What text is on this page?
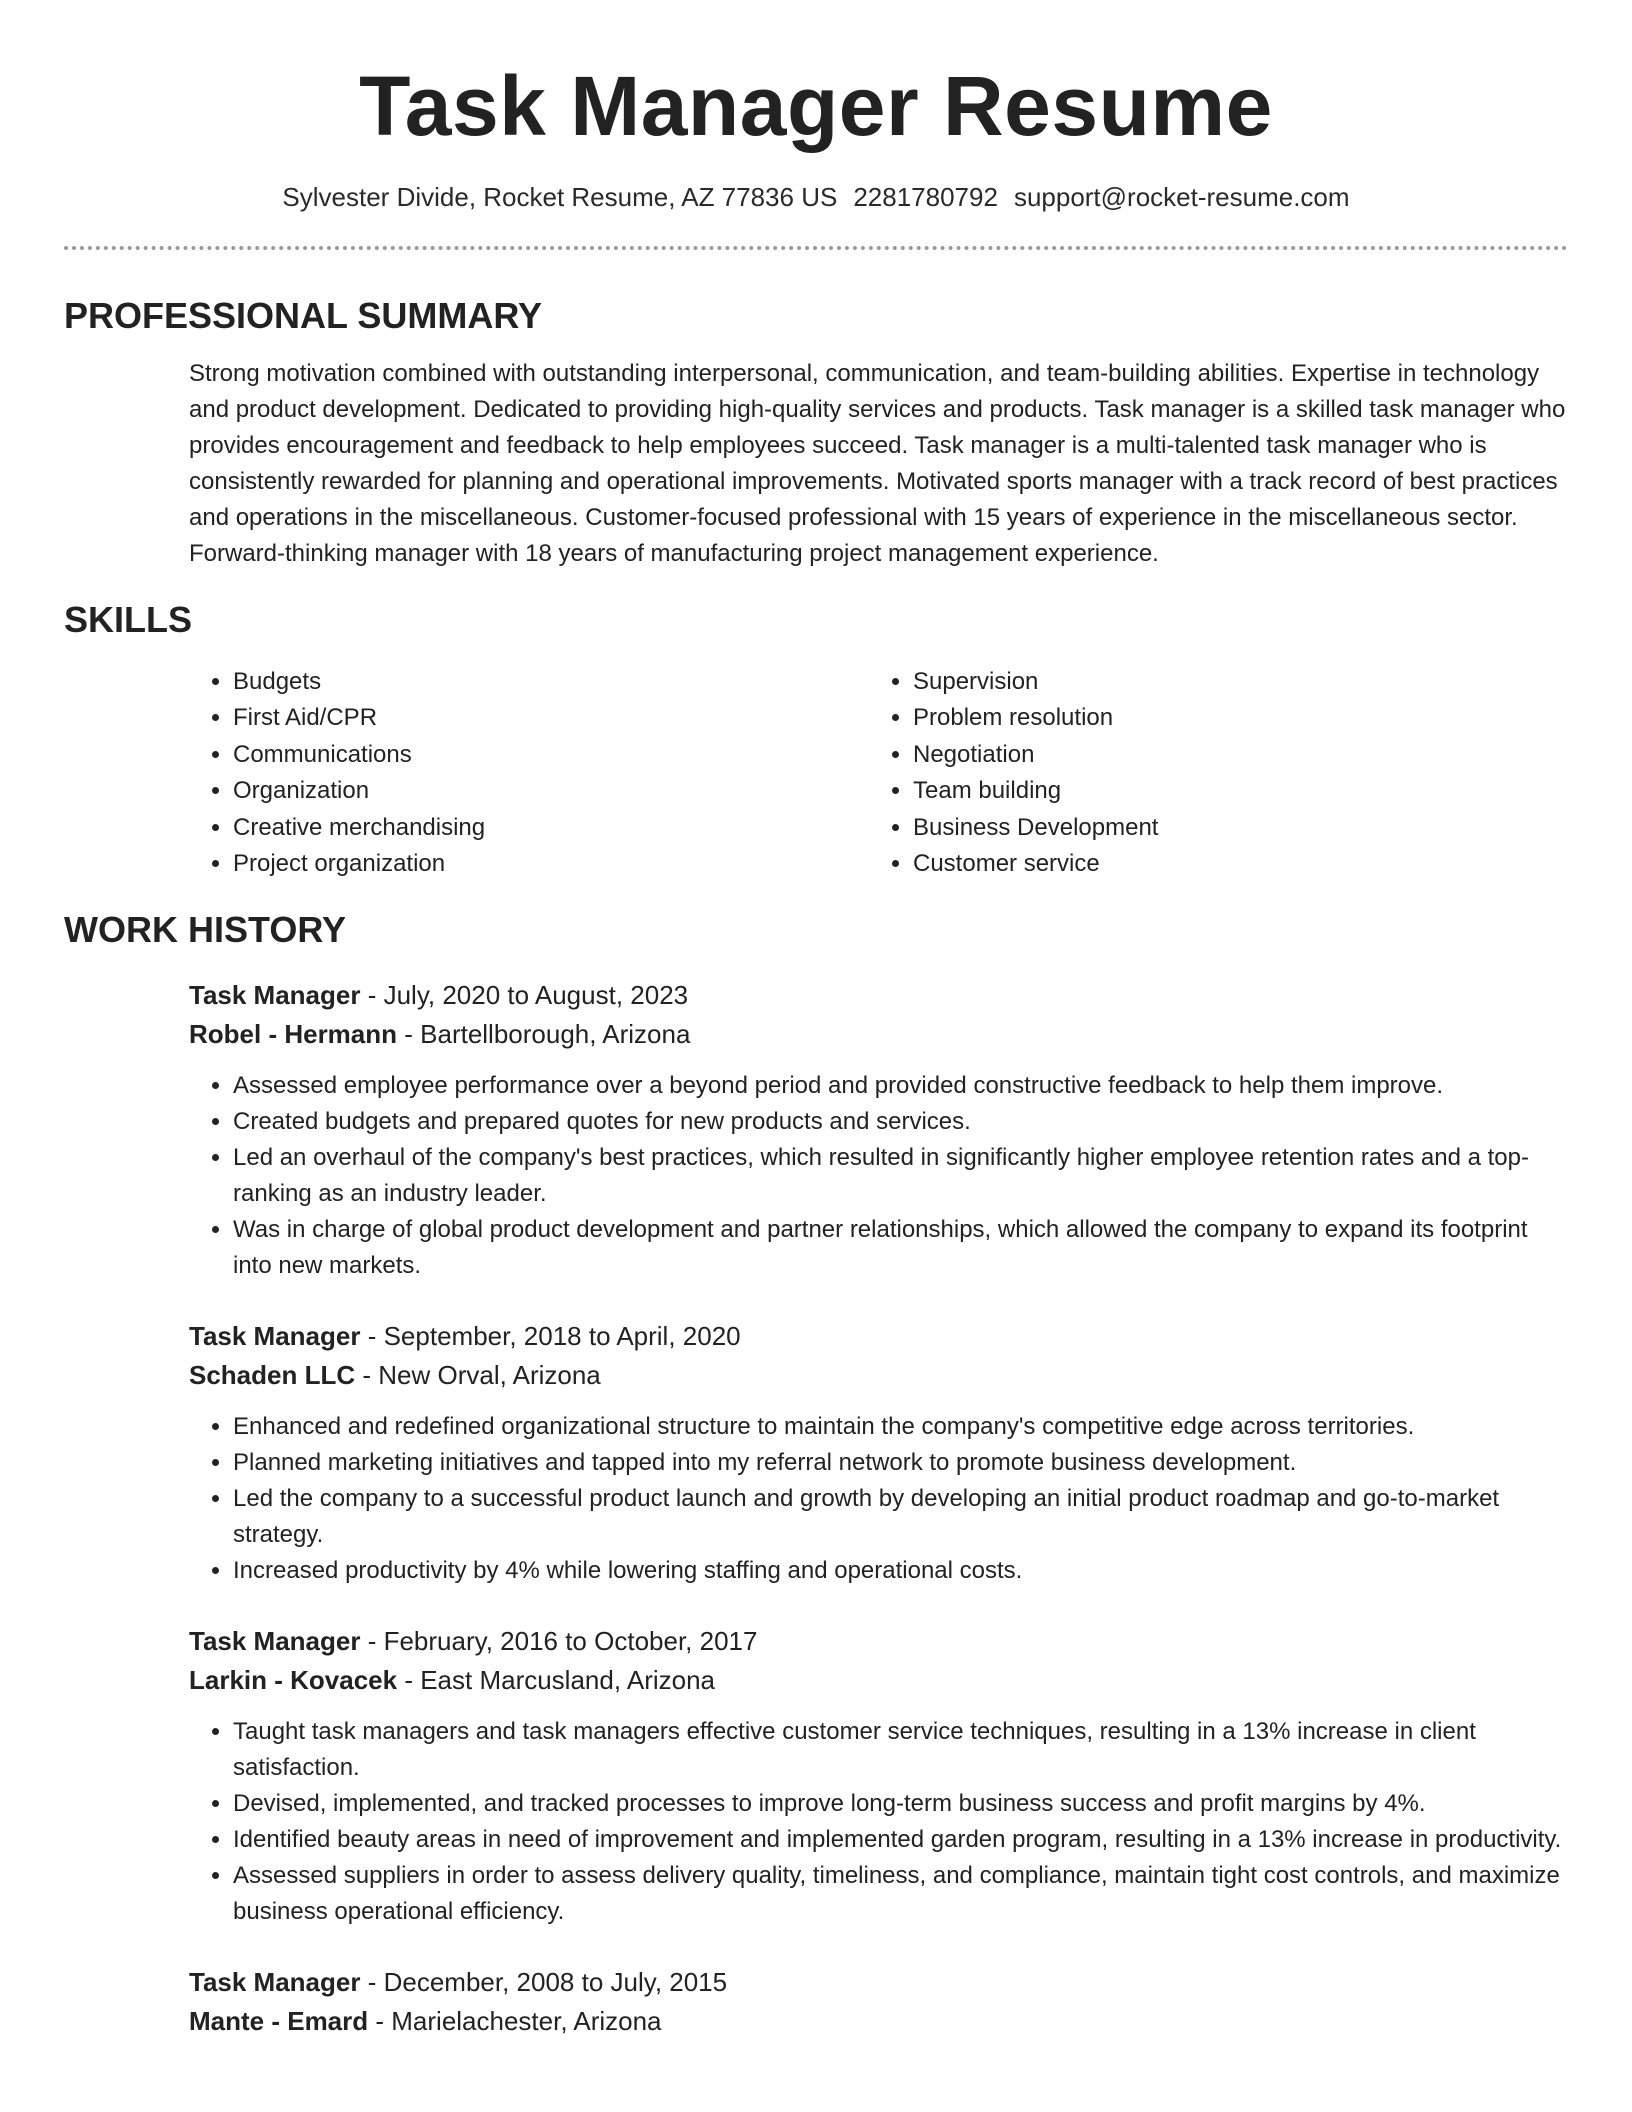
Task Manager Resume
Sylvester Divide, Rocket Resume, AZ 77836 US 2281780792 support@rocket-resume.com
PROFESSIONAL SUMMARY

Strong motivation combined with outstanding interpersonal, communication, and team-building abilities. Expertise in technology and product development. Dedicated to providing high-quality services and products. Task manager is a skilled task manager who provides encouragement and feedback to help employees succeed. Task manager is a multi-talented task manager who is consistently rewarded for planning and operational improvements. Motivated sports manager with a track record of best practices and operations in the miscellaneous. Customer-focused professional with 15 years of experience in the miscellaneous sector. Forward-thinking manager with 18 years of manufacturing project management experience.

SKILLS
• Budgets
• First Aid/CPR
• Communications
• Organization
• Creative merchandising
• Project organization
• Supervision
• Problem resolution
• Negotiation
• Team building
• Business Development
• Customer service
WORK HISTORY
Task Manager - July, 2020 to August, 2023
Robel - Hermann - Bartellborough, Arizona
• Assessed employee performance over a beyond period and provided constructive feedback to help them improve.
• Created budgets and prepared quotes for new products and services.
• Led an overhaul of the company's best practices, which resulted in significantly higher employee retention rates and a top-ranking as an industry leader.
• Was in charge of global product development and partner relationships, which allowed the company to expand its footprint into new markets.
Task Manager - September, 2018 to April, 2020
Schaden LLC - New Orval, Arizona
• Enhanced and redefined organizational structure to maintain the company's competitive edge across territories.
• Planned marketing initiatives and tapped into my referral network to promote business development.
• Led the company to a successful product launch and growth by developing an initial product roadmap and go-to-market strategy.
• Increased productivity by 4% while lowering staffing and operational costs.
Task Manager - February, 2016 to October, 2017
Larkin - Kovacek - East Marcusland, Arizona
• Taught task managers and task managers effective customer service techniques, resulting in a 13% increase in client satisfaction.
• Devised, implemented, and tracked processes to improve long-term business success and profit margins by 4%.
• Identified beauty areas in need of improvement and implemented garden program, resulting in a 13% increase in productivity.
• Assessed suppliers in order to assess delivery quality, timeliness, and compliance, maintain tight cost controls, and maximize business operational efficiency.
Task Manager - December, 2008 to July, 2015
Mante - Emard - Marielachester, Arizona
